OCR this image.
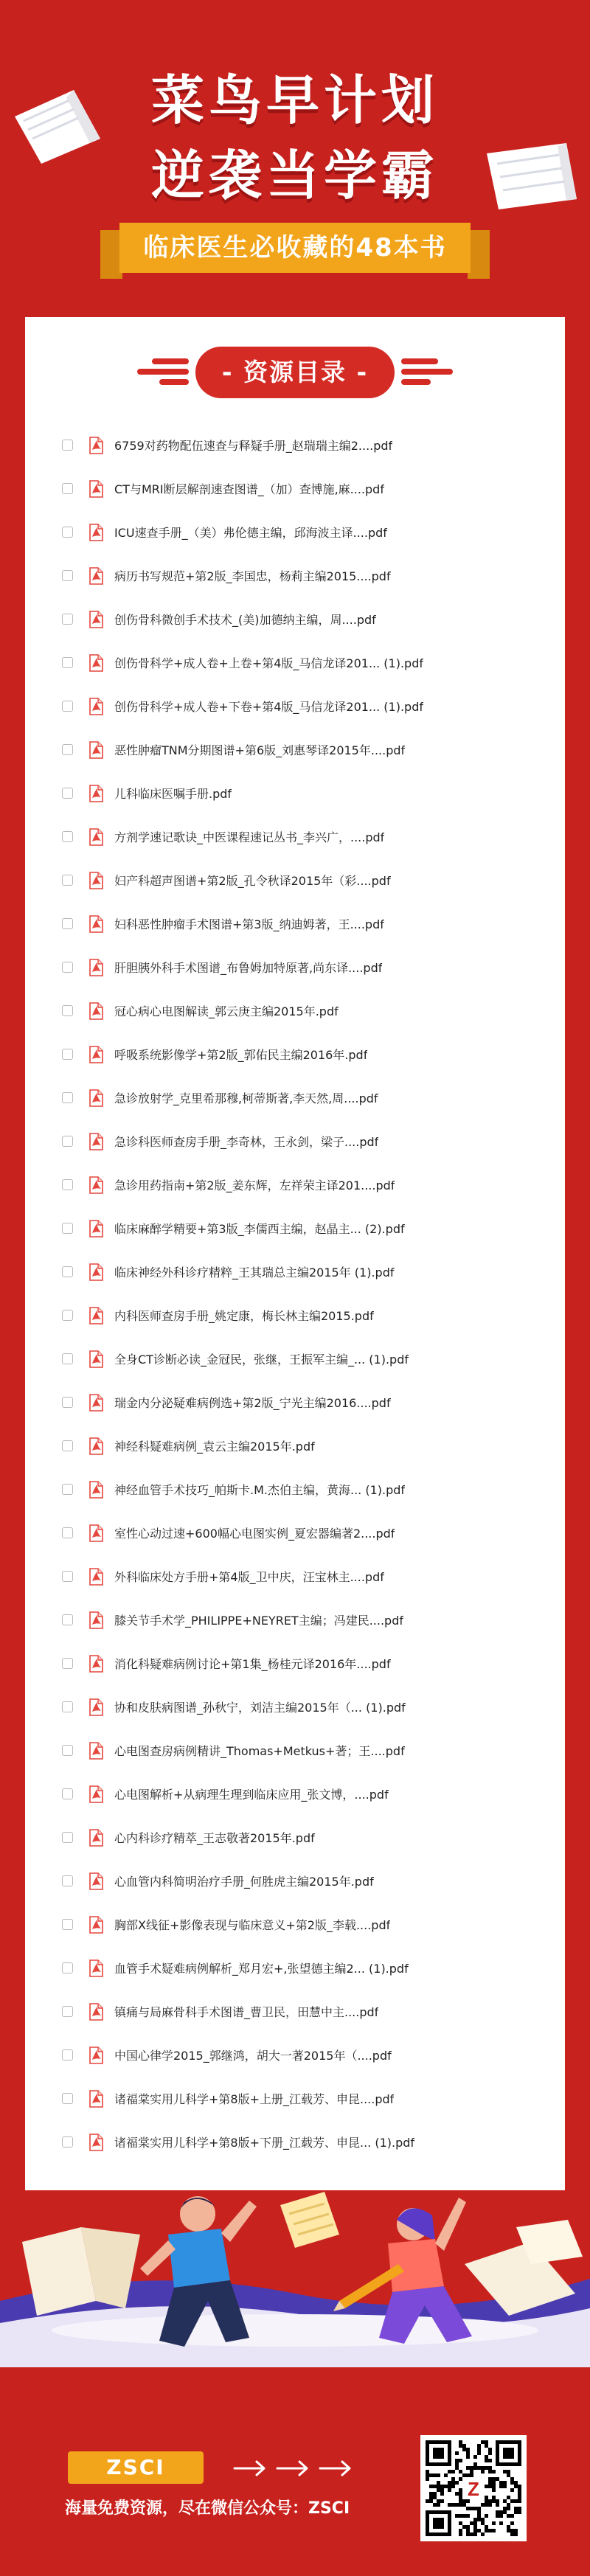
菜鸟早计划
逆袭当学霸
临床医生必收藏的48本书
- 资源目录 -
6759对药物配伍速查与释疑手册_赵瑞瑞主编2....pdf
CT与MRI断层解剖速查图谱_（加）查博施,麻....pdf
ICU速查手册_（美）弗伦德主编，邱海波主译....pdf
病历书写规范+第2版_李国忠，杨莉主编2015....pdf
创伤骨科微创手术技术_(美)加德纳主编，周....pdf
创伤骨科学+成人卷+上卷+第4版_马信龙译201... (1).pdf
创伤骨科学+成人卷+下卷+第4版_马信龙译201... (1).pdf
恶性肿瘤TNM分期图谱+第6版_刘惠琴译2015年....pdf
儿科临床医嘱手册.pdf
方剂学速记歌诀_中医课程速记丛书_李兴广，....pdf
妇产科超声图谱+第2版_孔令秋译2015年（彩....pdf
妇科恶性肿瘤手术图谱+第3版_纳迪姆著，王....pdf
肝胆胰外科手术图谱_布鲁姆加特原著,尚东译....pdf
冠心病心电图解读_郭云庚主编2015年.pdf
呼吸系统影像学+第2版_郭佑民主编2016年.pdf
急诊放射学_克里希那穆,柯蒂斯著,李天然,周....pdf
急诊科医师查房手册_李奇林，王永剑，梁子....pdf
急诊用药指南+第2版_姜东辉，左祥荣主译201....pdf
临床麻醉学精要+第3版_李儒西主编，赵晶主... (2).pdf
临床神经外科诊疗精粹_王其瑞总主编2015年 (1).pdf
内科医师查房手册_姚定康，梅长林主编2015.pdf
全身CT诊断必读_金冠民，张继，王振军主编_... (1).pdf
瑞金内分泌疑难病例选+第2版_宁光主编2016....pdf
神经科疑难病例_袁云主编2015年.pdf
神经血管手术技巧_帕斯卡.M.杰伯主编，黄海... (1).pdf
室性心动过速+600幅心电图实例_夏宏器编著2....pdf
外科临床处方手册+第4版_卫中庆，汪宝林主....pdf
膝关节手术学_PHILIPPE+NEYRET主编；冯建民....pdf
消化科疑难病例讨论+第1集_杨桂元译2016年....pdf
协和皮肤病图谱_孙秋宁，刘洁主编2015年（... (1).pdf
心电图查房病例精讲_Thomas+Metkus+著；王....pdf
心电图解析+从病理生理到临床应用_张文博，....pdf
心内科诊疗精萃_王志敬著2015年.pdf
心血管内科简明治疗手册_何胜虎主编2015年.pdf
胸部X线征+影像表现与临床意义+第2版_李载....pdf
血管手术疑难病例解析_郑月宏+,张望德主编2... (1).pdf
镇痛与局麻骨科手术图谱_曹卫民，田慧中主....pdf
中国心律学2015_郭继鸿，胡大一著2015年（....pdf
诸福棠实用儿科学+第8版+上册_江载芳、申昆....pdf
诸福棠实用儿科学+第8版+下册_江载芳、申昆... (1).pdf
ZSCI
海量免费资源，尽在微信公众号：ZSCI
Z
